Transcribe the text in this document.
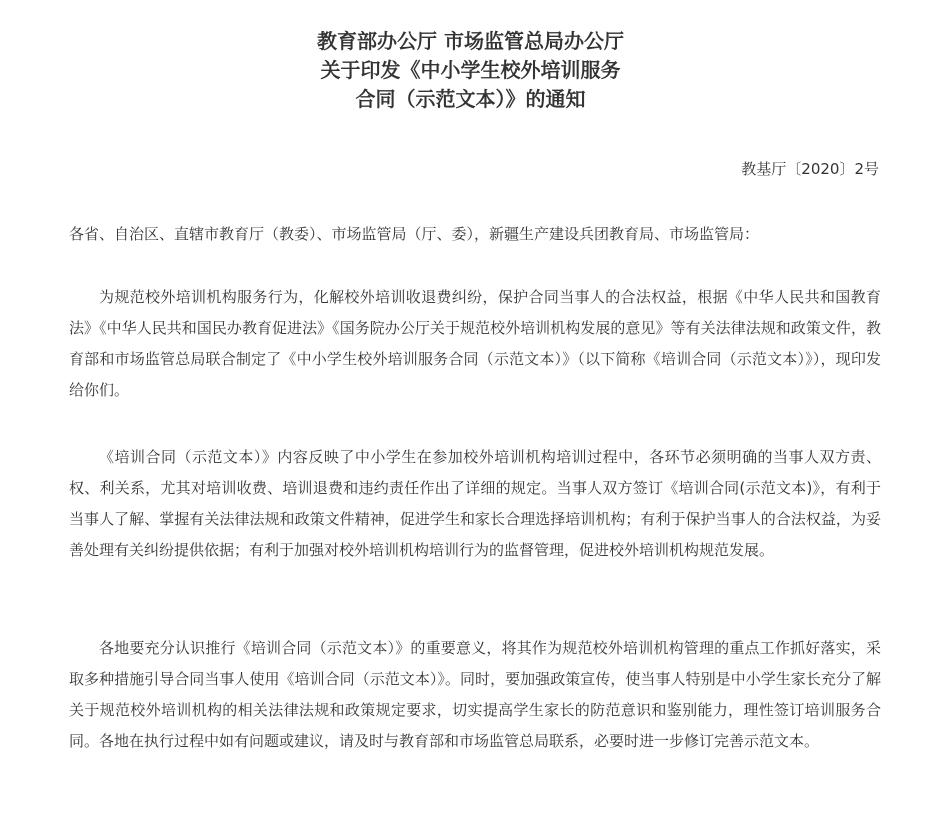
教育部办公厅 市场监管总局办公厅
关于印发《中小学生校外培训服务
合同（示范文本）》的通知
教基厅〔2020〕2号
各省、自治区、直辖市教育厅（教委）、市场监管局（厅、委），新疆生产建设兵团教育局、市场监管局：

为规范校外培训机构服务行为，化解校外培训收退费纠纷，保护合同当事人的合法权益，根据《中华人民共和国教育法》《中华人民共和国民办教育促进法》《国务院办公厅关于规范校外培训机构发展的意见》等有关法律法规和政策文件，教育部和市场监管总局联合制定了《中小学生校外培训服务合同（示范文本）》（以下简称《培训合同（示范文本）》），现印发给你们。

《培训合同（示范文本）》内容反映了中小学生在参加校外培训机构培训过程中，各环节必须明确的当事人双方责、权、利关系，尤其对培训收费、培训退费和违约责任作出了详细的规定。当事人双方签订《培训合同(示范文本)》，有利于当事人了解、掌握有关法律法规和政策文件精神，促进学生和家长合理选择培训机构；有利于保护当事人的合法权益，为妥善处理有关纠纷提供依据；有利于加强对校外培训机构培训行为的监督管理，促进校外培训机构规范发展。

各地要充分认识推行《培训合同（示范文本）》的重要意义，将其作为规范校外培训机构管理的重点工作抓好落实，采取多种措施引导合同当事人使用《培训合同（示范文本）》。同时，要加强政策宣传，使当事人特别是中小学生家长充分了解关于规范校外培训机构的相关法律法规和政策规定要求，切实提高学生家长的防范意识和鉴别能力，理性签订培训服务合同。各地在执行过程中如有问题或建议，请及时与教育部和市场监管总局联系，必要时进一步修订完善示范文本。
